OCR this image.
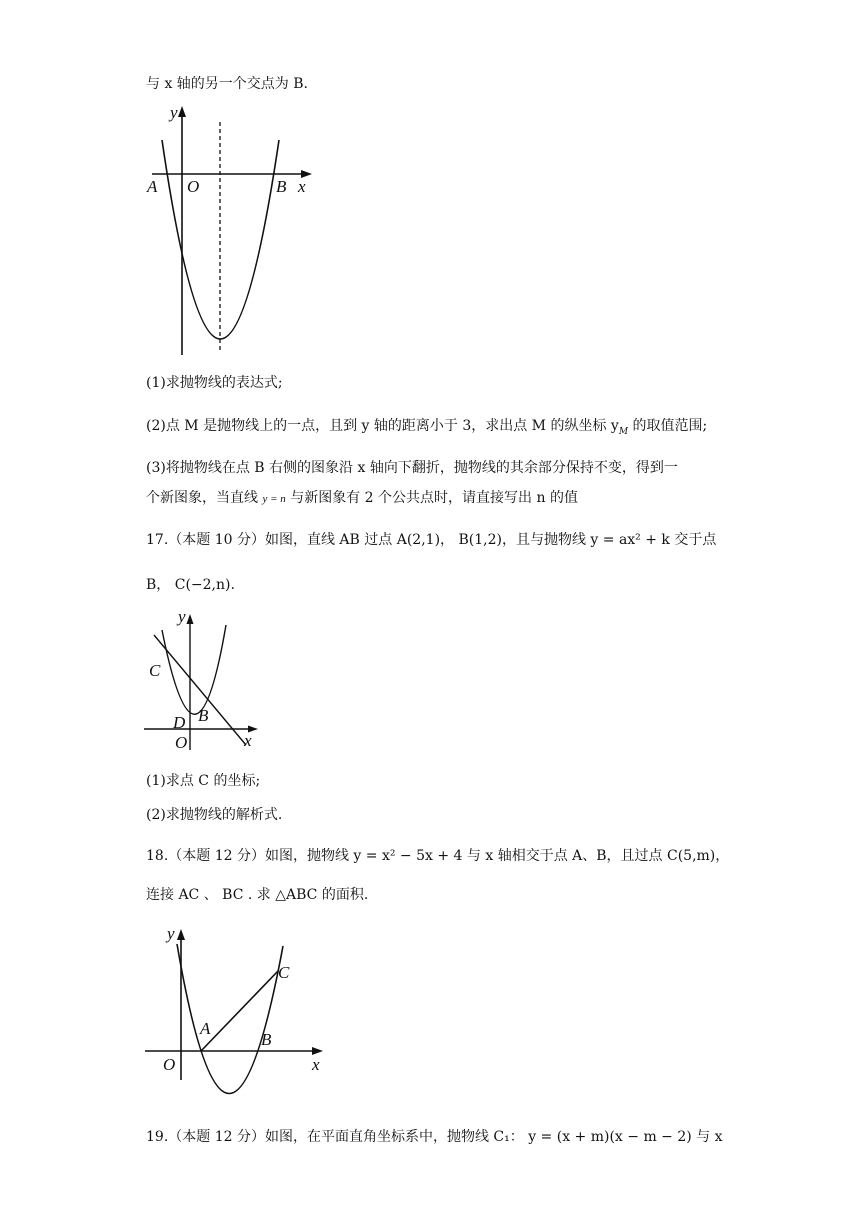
与 x 轴的另一个交点为 B.
y
A O	B x
(1)求抛物线的表达式;
(2)点 M 是抛物线上的一点，且到 y 轴的距离小于 3，求出点 M 的纵坐标 $y_M$ 的取值范围;
(3)将抛物线在点 B 右侧的图象沿 x 轴向下翻折，抛物线的其余部分保持不变，得到一
个新图象，当直线 y = n 与新图象有 2 个公共点时，请直接写出 n 的值
17.（本题 10 分）如图，直线 AB 过点 A(2,1)， B(1,2)，且与抛物线 y = ax² + k 交于点
B， C(−2,n).
y
C
D B
O	x
(1)求点 C 的坐标;
(2)求抛物线的解析式.
18.（本题 12 分）如图，抛物线 y = x² − 5x + 4 与 x 轴相交于点 A、B，且过点 C(5,m)，
连接 AC 、 BC . 求 △ABC 的面积.
y
C
A
B
O	x
19.（本题 12 分）如图，在平面直角坐标系中，抛物线 C₁： y = (x + m)(x − m − 2) 与 x
